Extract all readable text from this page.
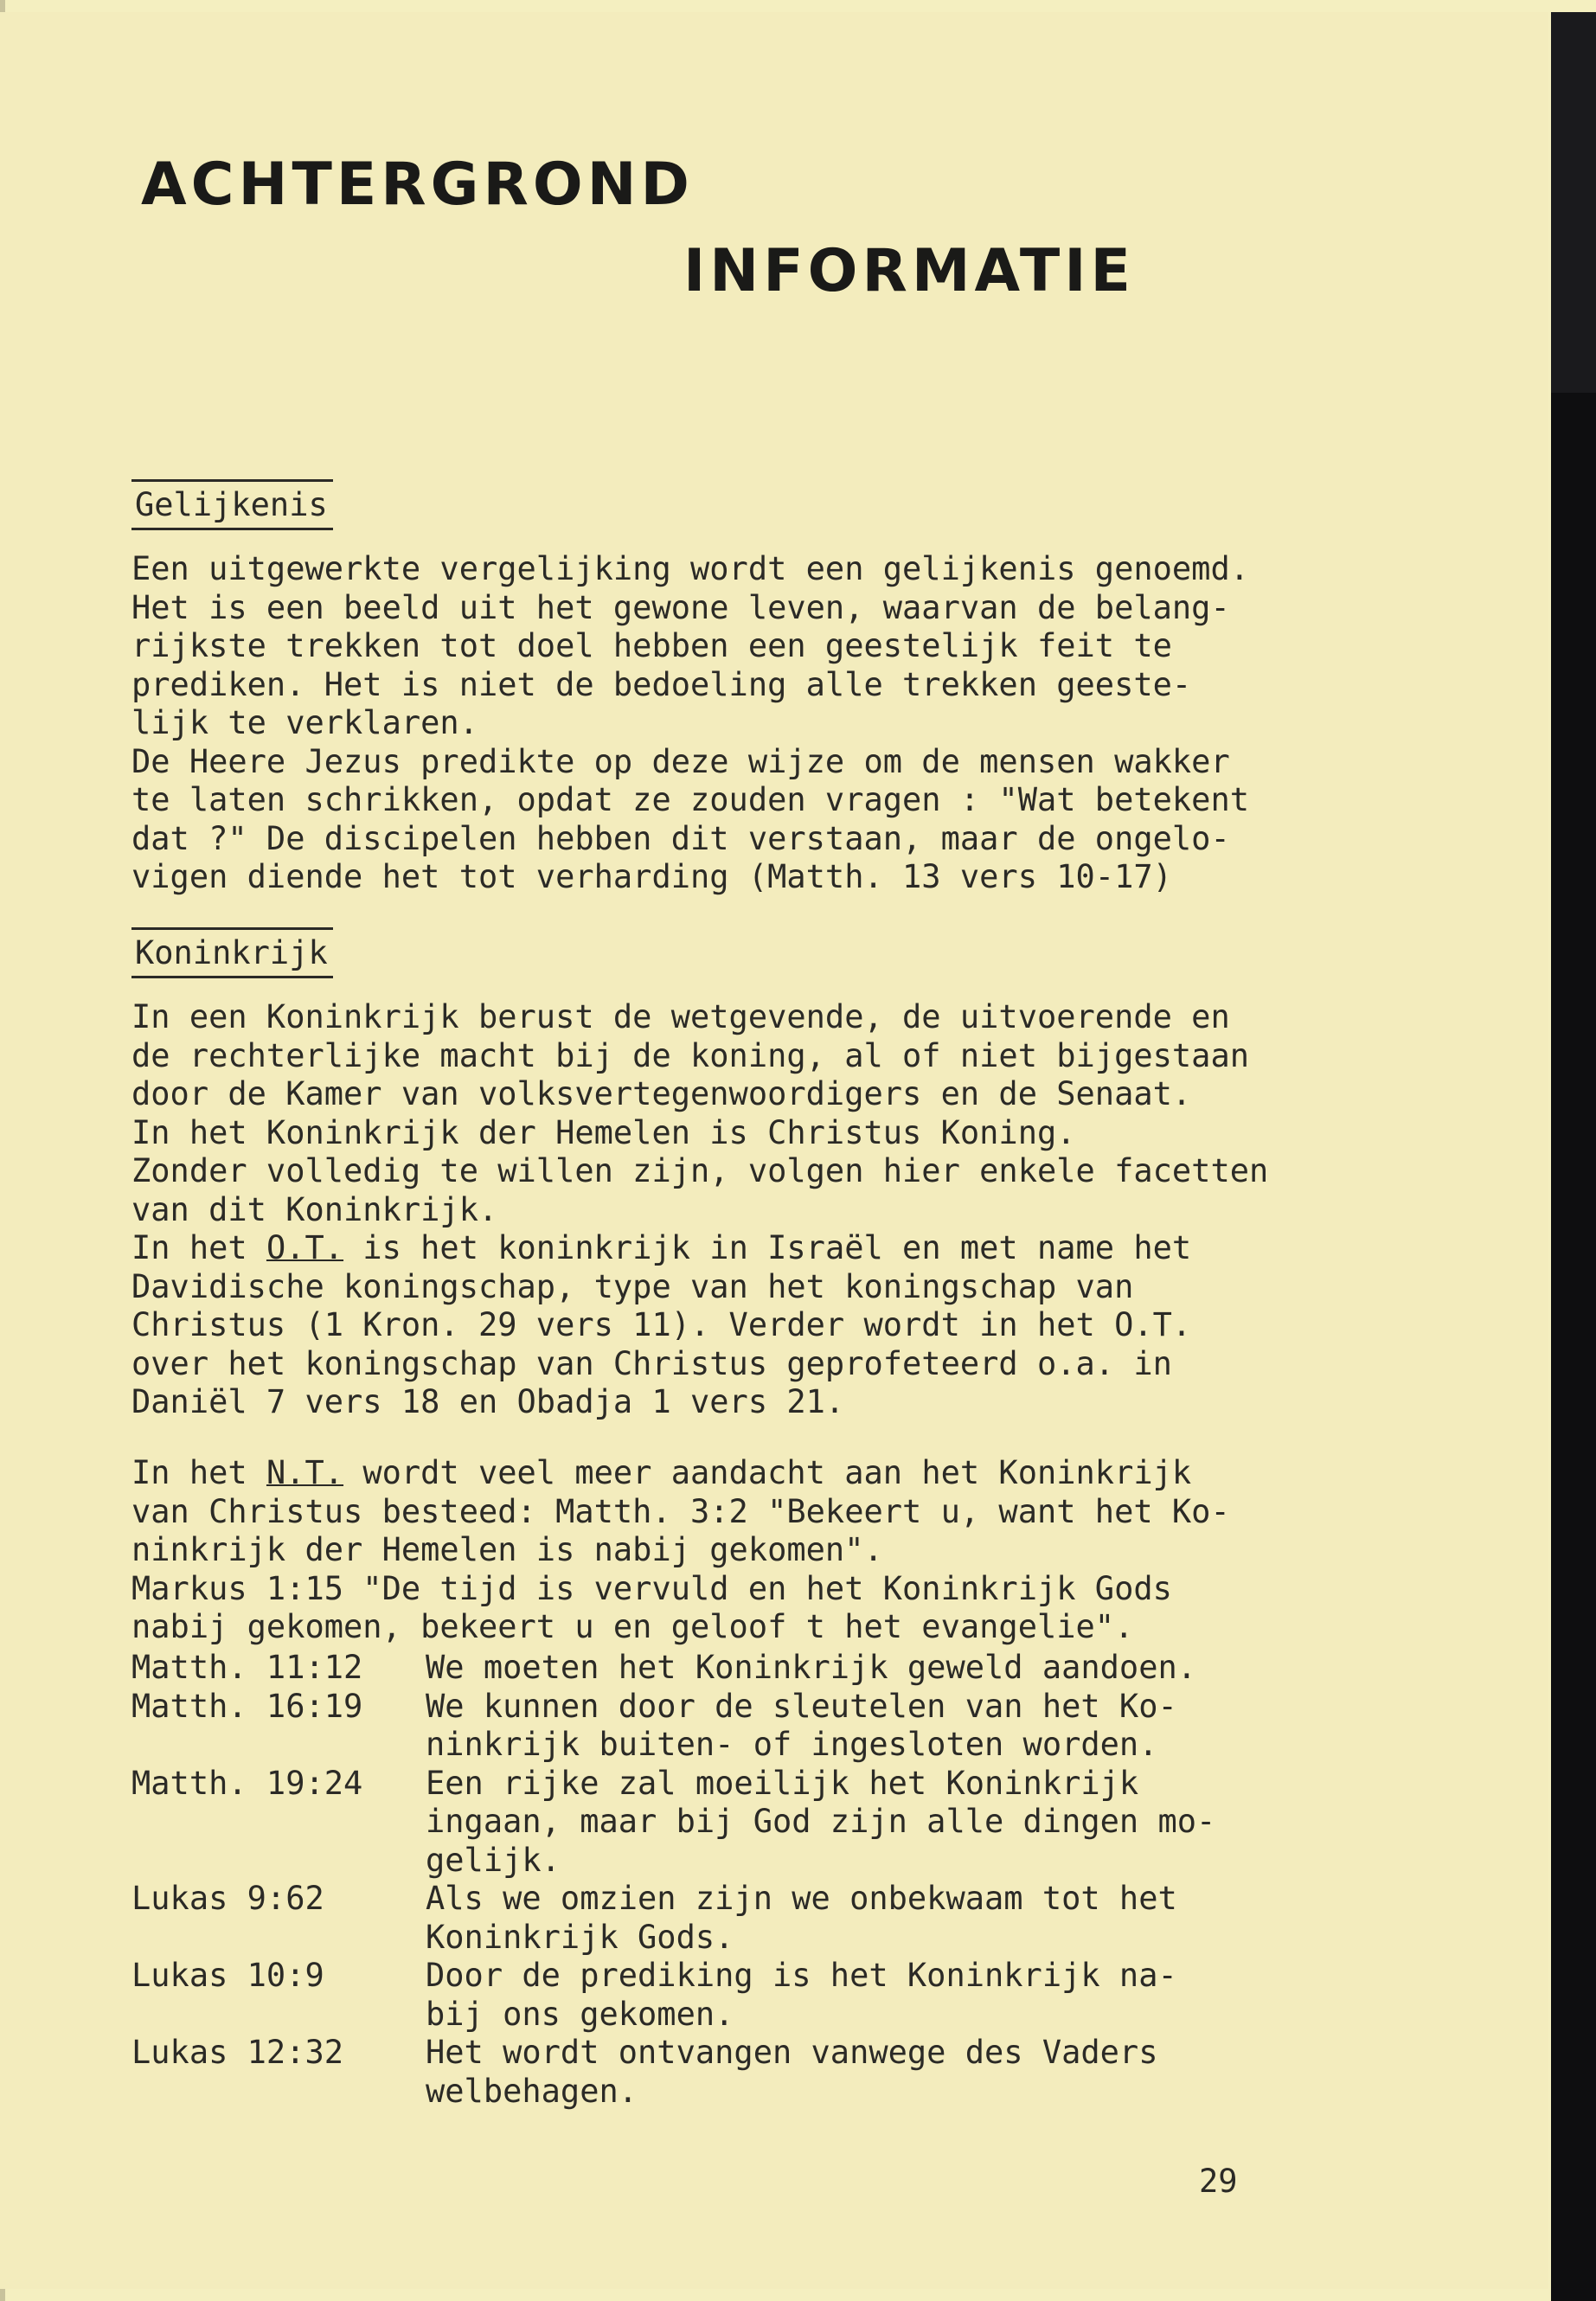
ACHTERGROND
INFORMATIE
Gelijkenis
Een uitgewerkte vergelijking wordt een gelijkenis genoemd.
Het is een beeld uit het gewone leven, waarvan de belang-
rijkste trekken tot doel hebben een geestelijk feit te
prediken. Het is niet de bedoeling alle trekken geeste-
lijk te verklaren.
De Heere Jezus predikte op deze wijze om de mensen wakker
te laten schrikken, opdat ze zouden vragen : "Wat betekent
dat ?" De discipelen hebben dit verstaan, maar de ongelo-
vigen diende het tot verharding (Matth. 13 vers 10-17)
Koninkrijk
In een Koninkrijk berust de wetgevende, de uitvoerende en
de rechterlijke macht bij de koning, al of niet bijgestaan
door de Kamer van volksvertegenwoordigers en de Senaat.
In het Koninkrijk der Hemelen is Christus Koning.
Zonder volledig te willen zijn, volgen hier enkele facetten
van dit Koninkrijk.
In het O.T. is het koninkrijk in Israël en met name het
Davidische koningschap, type van het koningschap van
Christus (1 Kron. 29 vers 11). Verder wordt in het O.T.
over het koningschap van Christus geprofeteerd o.a. in
Daniël 7 vers 18 en Obadja 1 vers 21.
In het N.T. wordt veel meer aandacht aan het Koninkrijk
van Christus besteed: Matth. 3:2 "Bekeert u, want het Ko-
ninkrijk der Hemelen is nabij gekomen".
Markus 1:15 "De tijd is vervuld en het Koninkrijk Gods
nabij gekomen, bekeert u en geloof t het evangelie".
Matth. 11:12	We moeten het Koninkrijk geweld aandoen.
Matth. 16:19	We kunnen door de sleutelen van het Ko-
ninkrijk buiten- of ingesloten worden.
Matth. 19:24	Een rijke zal moeilijk het Koninkrijk
ingaan, maar bij God zijn alle dingen mo-
gelijk.
Lukas 9:62	Als we omzien zijn we onbekwaam tot het
Koninkrijk Gods.
Lukas 10:9	Door de prediking is het Koninkrijk na-
bij ons gekomen.
Lukas 12:32	Het wordt ontvangen vanwege des Vaders
welbehagen.
29
